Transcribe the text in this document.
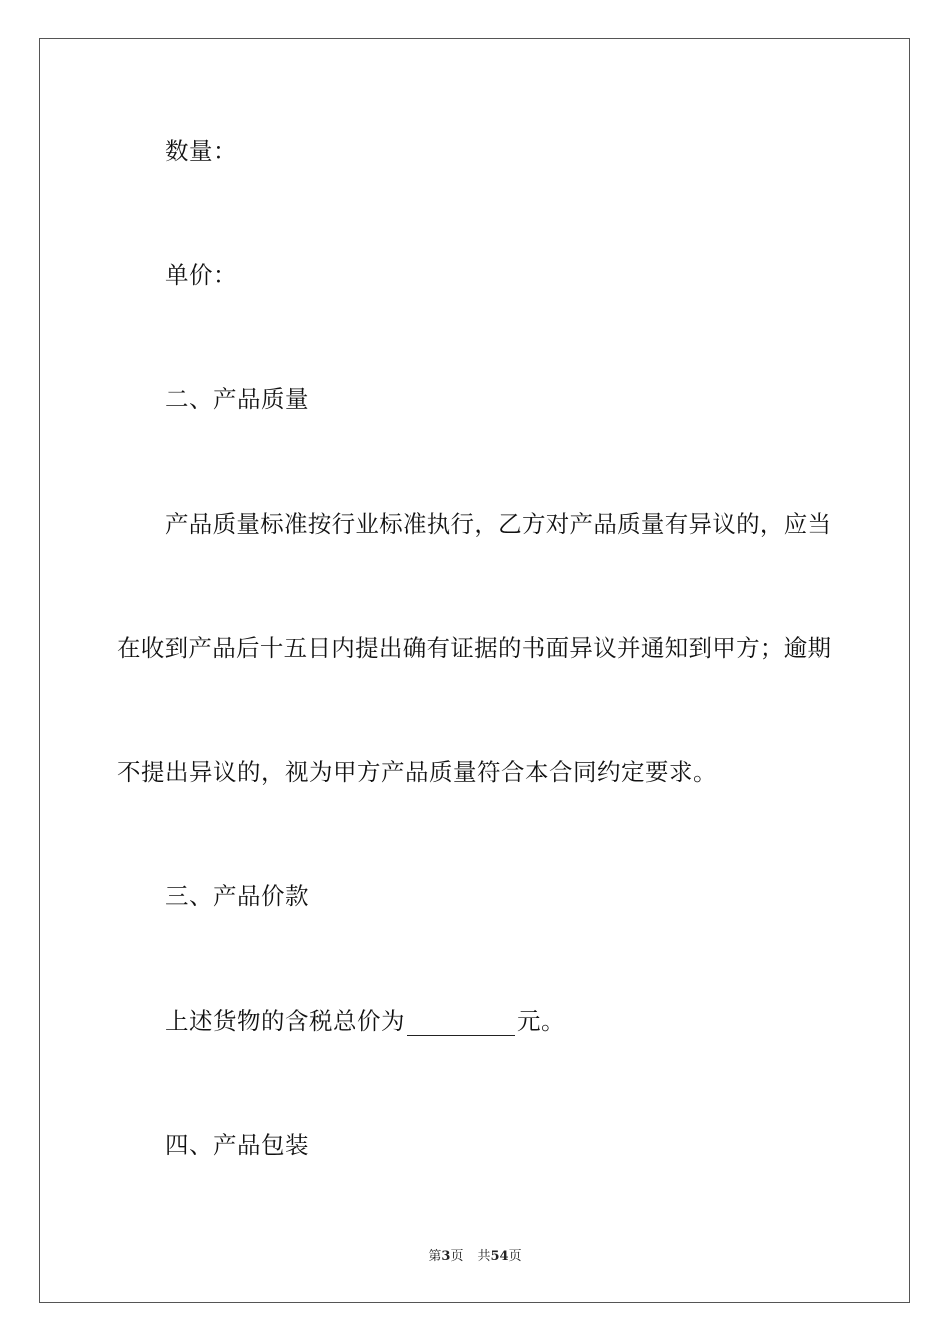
数量：
单价：
二、产品质量
产品质量标准按行业标准执行，乙方对产品质量有异议的，应当
在收到产品后十五日内提出确有证据的书面异议并通知到甲方；逾期
不提出异议的，视为甲方产品质量符合本合同约定要求。
三、产品价款
上述货物的含税总价为	元。
四、产品包装
第3页 共54页
